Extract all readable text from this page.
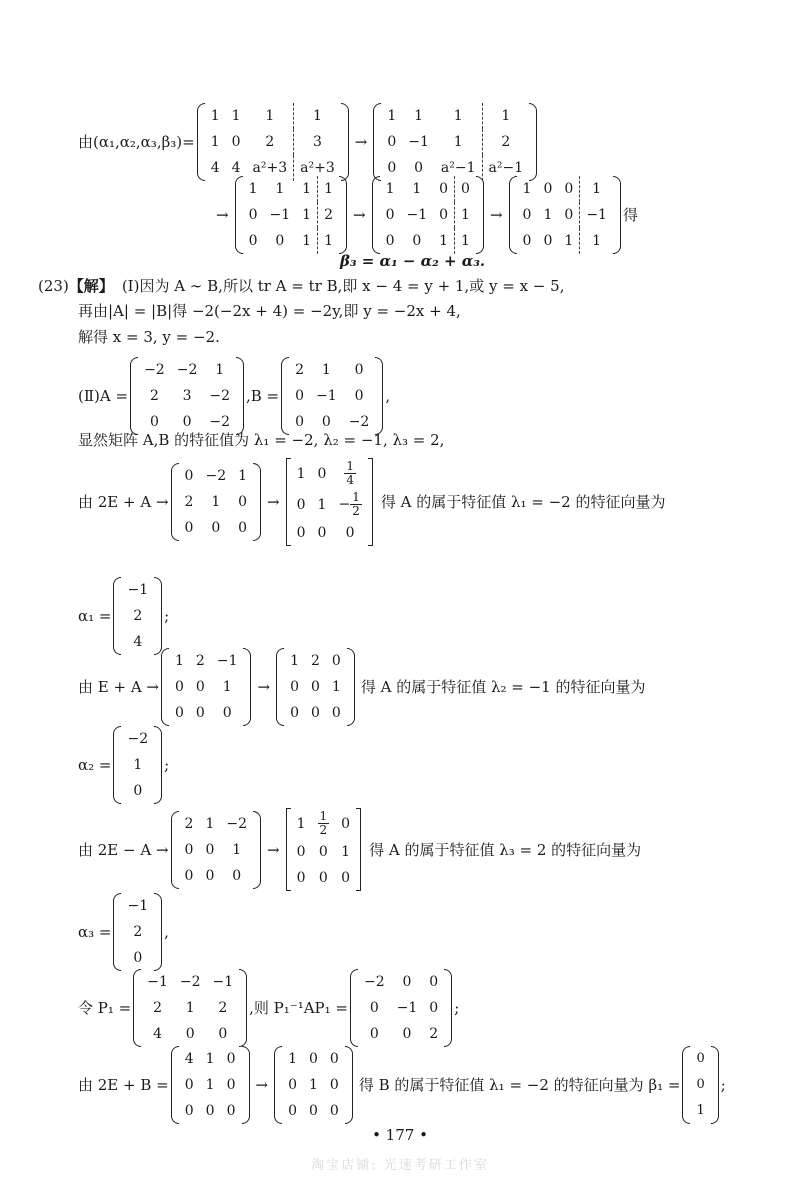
由(α₁,α₂,α₃,β₃)=
1	1	1	1
1	0	2	3
4	4	a²+3	a²+3
→
1	1	1	1
0	−1	1	2
0	0	a²−1	a²−1
→
1	1	1	1
0	−1	1	2
0	0	1	1
→
1	1	0	0
0	−1	0	1
0	0	1	1
→
1	0	0	1
0	1	0	−1
0	0	1	1
得
β₃ = α₁ − α₂ + α₃.
(23) 【解】 (Ⅰ)因为 A ∼ B,所以 tr A = tr B,即 x − 4 = y + 1,或 y = x − 5,
再由|A| = |B|得 −2(−2x + 4) = −2y,即 y = −2x + 4,
解得 x = 3, y = −2.
(Ⅱ)A =
−2	−2	1
2	3	−2
0	0	−2
,B =
2	1	0
0	−1	0
0	0	−2
,
显然矩阵 A,B 的特征值为 λ₁ = −2, λ₂ = −1, λ₃ = 2,
由 2E + A →
0	−2	1
2	1	0
0	0	0
→
1	0	$\frac{1}{4}$

0	1	− $\frac{1}{2}$

0	0	0
得 A 的属于特征值 λ₁ = −2 的特征向量为
α₁ =
−1
2
4
;
由 E + A →
1	2	−1
0	0	1
0	0	0
→
1	2	0
0	0	1
0	0	0
得 A 的属于特征值 λ₂ = −1 的特征向量为
α₂ =
−2
1
0
;
由 2E − A →
2	1	−2
0	0	1
0	0	0
→
1	$\frac{1}{2}$	0
0	0	1
0	0	0
得 A 的属于特征值 λ₃ = 2 的特征向量为
α₃ =
−1
2
0
,
令 P₁ =
−1	−2	−1
2	1	2
4	0	0
,则 P₁⁻¹AP₁ =
−2	0	0
0	−1	0
0	0	2
;
由 2E + B =
4	1	0
0	1	0
0	0	0
→
1	0	0
0	1	0
0	0	0
得 B 的属于特征值 λ₁ = −2 的特征向量为 β₁ =
0
0
1
;
• 177 •
淘宝店铺: 光速考研工作室
